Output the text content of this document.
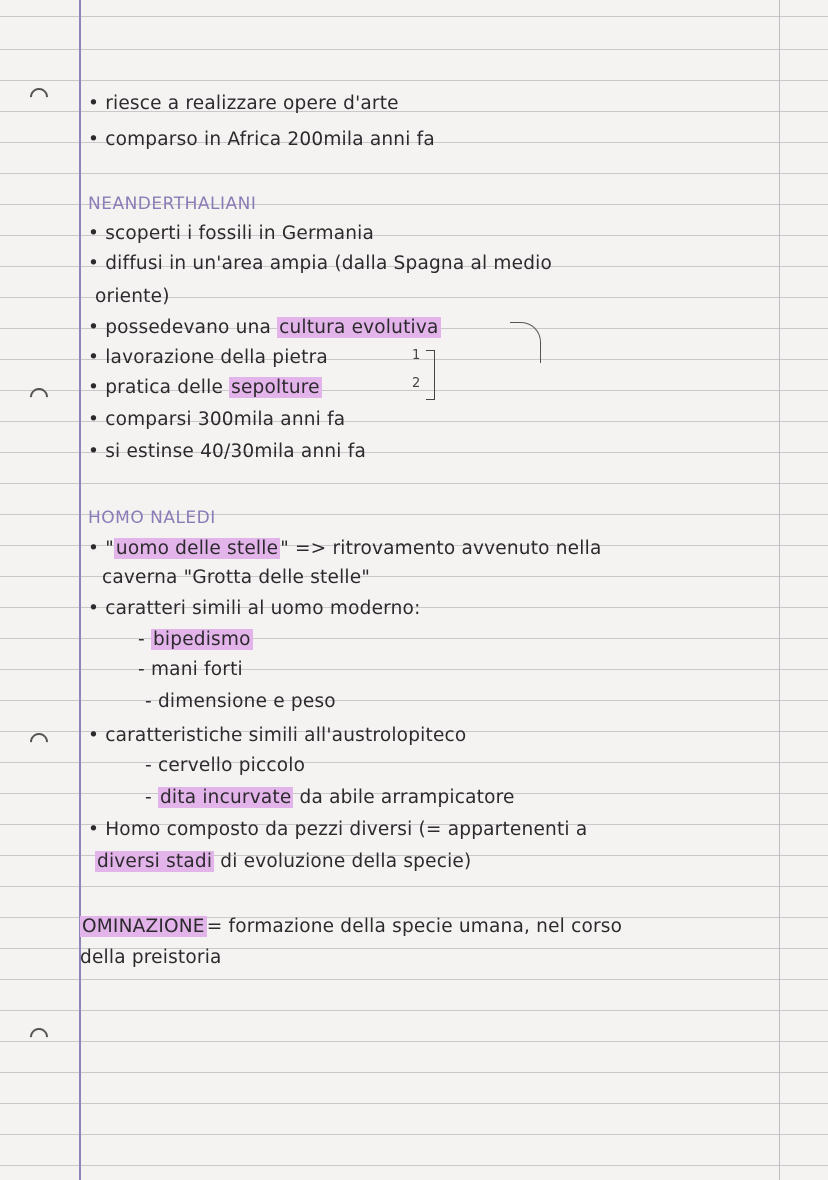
• riesce a realizzare opere d'arte
• comparso in Africa 200mila anni fa
NEANDERTHALIANI
• scoperti i fossili in Germania
• diffusi in un'area ampia (dalla Spagna al medio
oriente)
• possedevano una cultura evolutiva
• lavorazione della pietra	1
• pratica delle sepolture	2
• comparsi 300mila anni fa
• si estinse 40/30mila anni fa
HOMO NALEDI
• " uomo delle stelle " => ritrovamento avvenuto nella
caverna "Grotta delle stelle"
• caratteri simili al uomo moderno:
- bipedismo
- mani forti
- dimensione e peso
• caratteristiche simili all'austrolopiteco
- cervello piccolo
- dita incurvate da abile arrampicatore
• Homo composto da pezzi diversi (= appartenenti a
diversi stadi di evoluzione della specie)
OMINAZIONE = formazione della specie umana, nel corso
della preistoria
